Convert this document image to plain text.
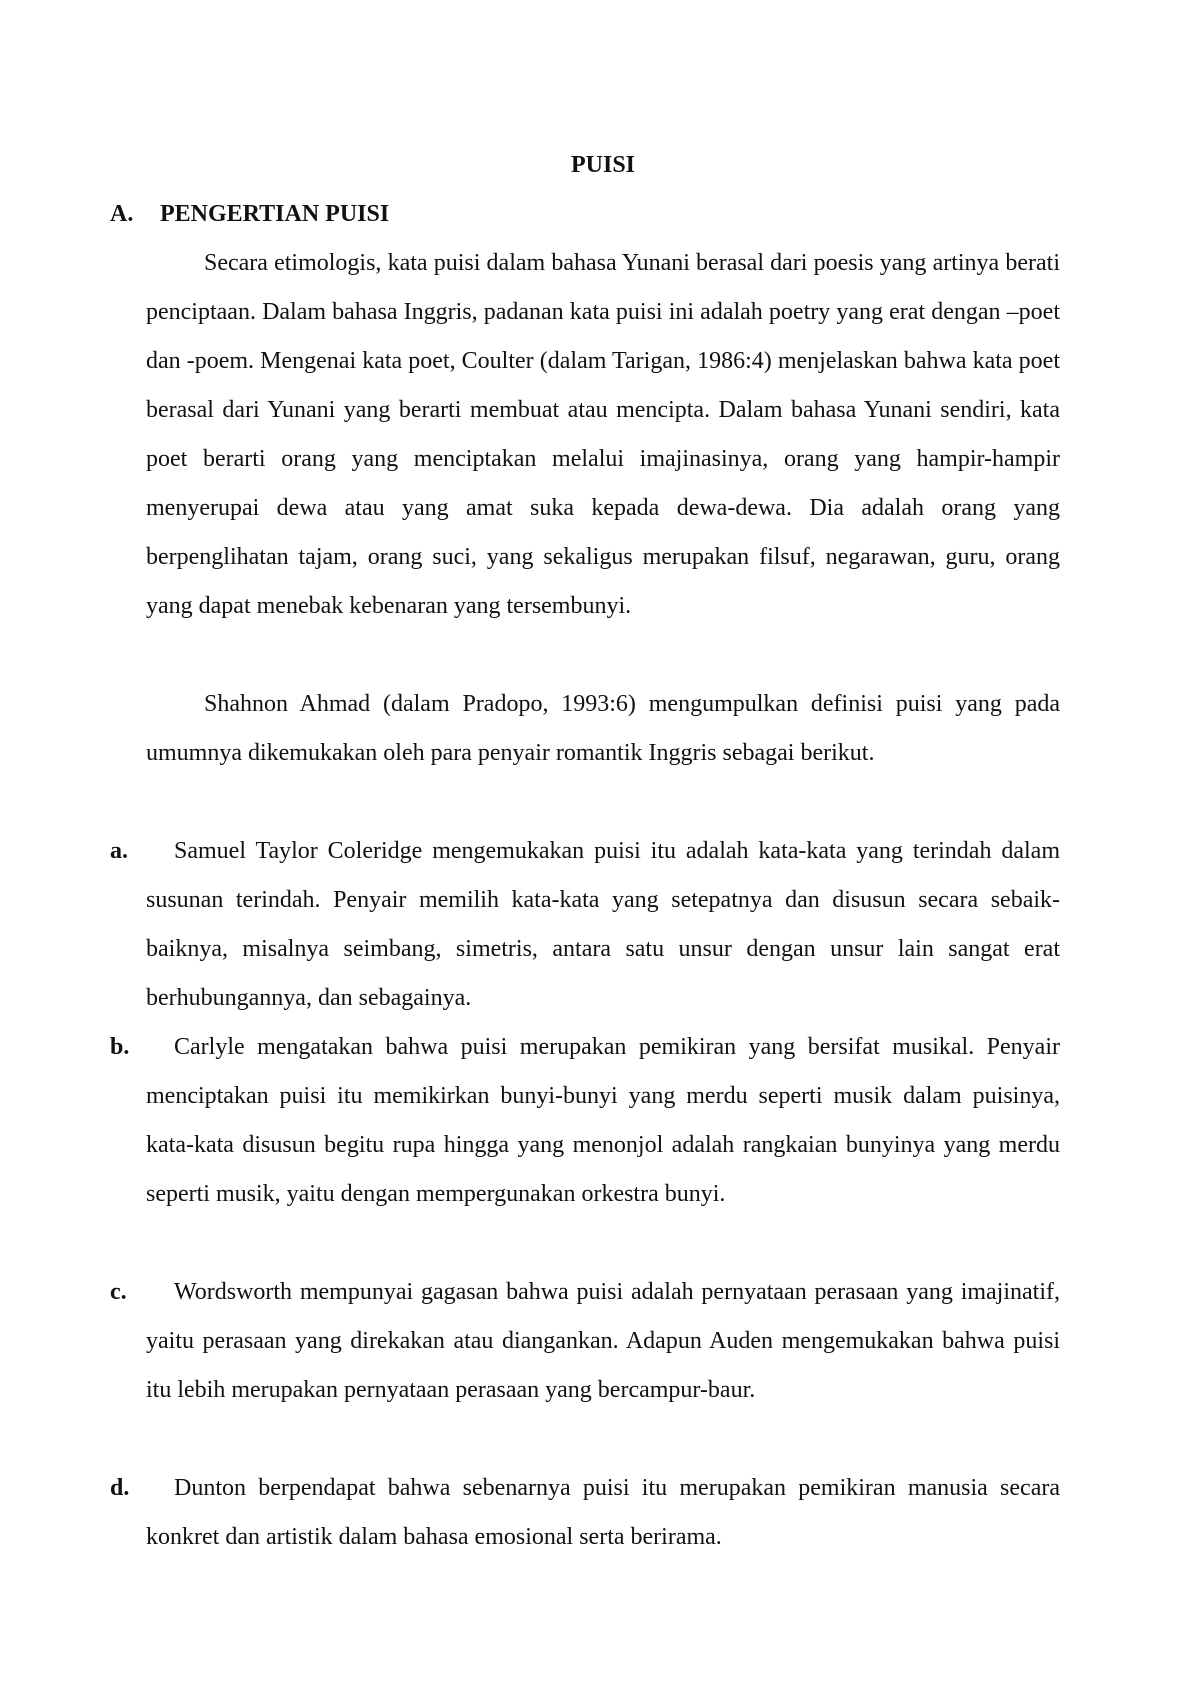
PUISI
A. PENGERTIAN PUISI

Secara etimologis, kata puisi dalam bahasa Yunani berasal dari poesis yang artinya berati penciptaan. Dalam bahasa Inggris, padanan kata puisi ini adalah poetry yang erat dengan –poet dan -poem. Mengenai kata poet, Coulter (dalam Tarigan, 1986:4) menjelaskan bahwa kata poet berasal dari Yunani yang berarti membuat atau mencipta. Dalam bahasa Yunani sendiri, kata poet berarti orang yang menciptakan melalui imajinasinya, orang yang hampir-hampir menyerupai dewa atau yang amat suka kepada dewa-dewa. Dia adalah orang yang berpenglihatan tajam, orang suci, yang sekaligus merupakan filsuf, negarawan, guru, orang yang dapat menebak kebenaran yang tersembunyi.

Shahnon Ahmad (dalam Pradopo, 1993:6) mengumpulkan definisi puisi yang pada umumnya dikemukakan oleh para penyair romantik Inggris sebagai berikut.

a. Samuel Taylor Coleridge mengemukakan puisi itu adalah kata-kata yang terindah dalam susunan terindah. Penyair memilih kata-kata yang setepatnya dan disusun secara sebaik-baiknya, misalnya seimbang, simetris, antara satu unsur dengan unsur lain sangat erat berhubungannya, dan sebagainya.
b. Carlyle mengatakan bahwa puisi merupakan pemikiran yang bersifat musikal. Penyair menciptakan puisi itu memikirkan bunyi-bunyi yang merdu seperti musik dalam puisinya, kata-kata disusun begitu rupa hingga yang menonjol adalah rangkaian bunyinya yang merdu seperti musik, yaitu dengan mempergunakan orkestra bunyi.
c. Wordsworth mempunyai gagasan bahwa puisi adalah pernyataan perasaan yang imajinatif, yaitu perasaan yang direkakan atau diangankan. Adapun Auden mengemukakan bahwa puisi itu lebih merupakan pernyataan perasaan yang bercampur-baur.
d. Dunton berpendapat bahwa sebenarnya puisi itu merupakan pemikiran manusia secara konkret dan artistik dalam bahasa emosional serta berirama.
